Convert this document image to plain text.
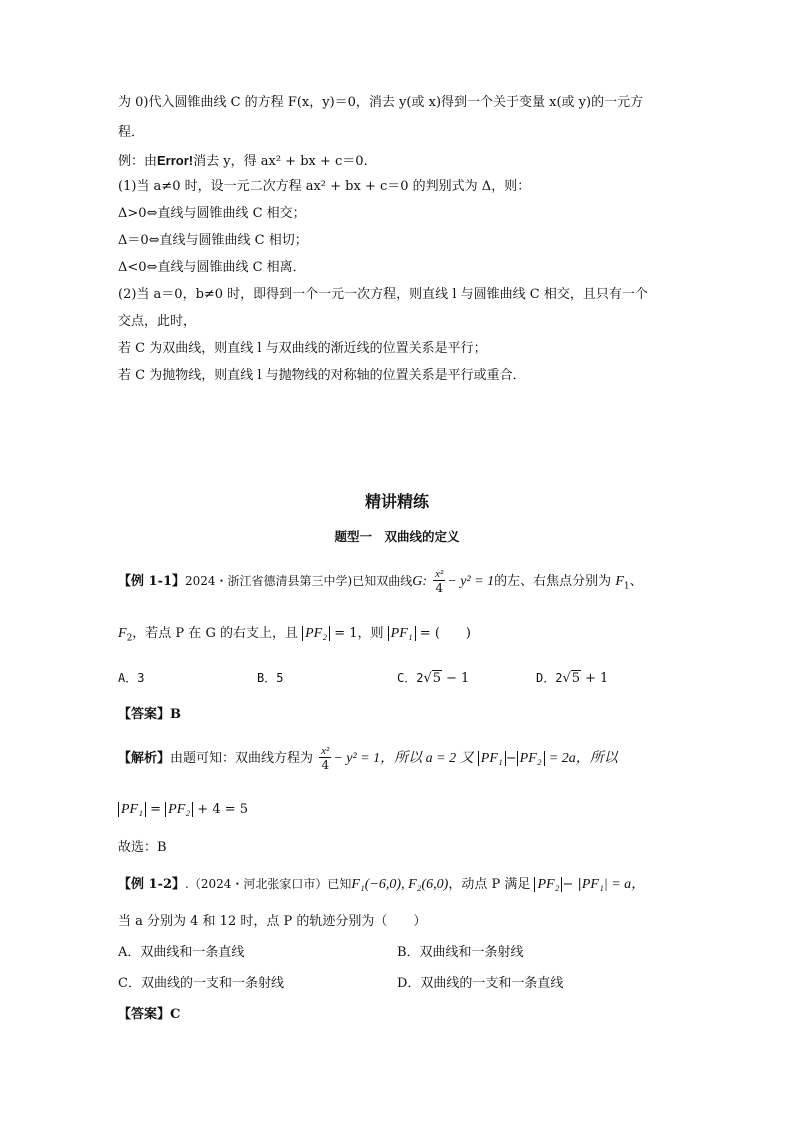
为 0)代入圆锥曲线 C 的方程 F(x，y)＝0，消去 y(或 x)得到一个关于变量 x(或 y)的一元方
程．
例：由Error!消去 y，得 ax² + bx + c＝0.
(1)当 a≠0 时，设一元二次方程 ax² + bx + c＝0 的判别式为 Δ，则：
Δ>0⇔直线与圆锥曲线 C 相交；
Δ＝0⇔直线与圆锥曲线 C 相切；
Δ<0⇔直线与圆锥曲线 C 相离．
(2)当 a＝0，b≠0 时，即得到一个一元一次方程，则直线 l 与圆锥曲线 C 相交，且只有一个
交点，此时，
若 C 为双曲线，则直线 l 与双曲线的渐近线的位置关系是平行；
若 C 为抛物线，则直线 l 与抛物线的对称轴的位置关系是平行或重合．
精讲精练
题型一　双曲线的定义
【例 1-1】2024・浙江省德清县第三中学)已知双曲线G: $\frac{\text{x²}}{4} - y^2 = 1$的左、右焦点分别为 $F_1$、
$F_2$，若点 P 在 G 的右支上，且 PF₂ = 1，则 PF₁ = (　　)
A．3	B．5	C．2√5 − 1	D．2√5 + 1
【答案】B
【解析】由题可知：双曲线方程为 $\frac{\text{x²}}{4} - y^2 = 1$，所以 a = 2 又 PF₁ − PF₂ = 2a，所以
PF₁ = PF₂ + 4 = 5
故选：B
【例 1-2】.（2024・河北张家口市）已知F₁(−6,0), F₂(6,0)，动点 P 满足 PF₂ − |PF₁| = a，
当 a 分别为 4 和 12 时，点 P 的轨迹分别为（　　）
A．双曲线和一条直线	B．双曲线和一条射线
C．双曲线的一支和一条射线	D．双曲线的一支和一条直线
【答案】C
